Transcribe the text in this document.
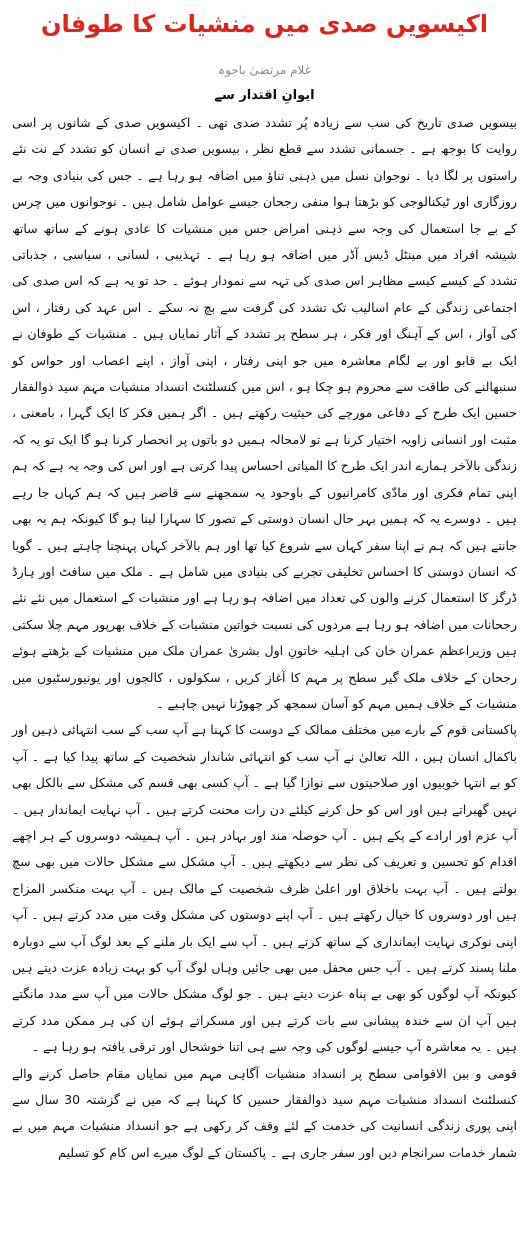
اکیسویں صدی میں منشیات کا طوفان
غلام مرتضیٰ باجوہ
ایوانِ اقتدار سے

بیسویں صدی تاریخ کی سب سے زیادہ پُر تشدد صدی تھی ۔ اکیسویں صدی کے شانوں پر اسی روایت کا بوجھ ہے ۔ جسمانی تشدد سے قطع نظر ، بیسویں صدی نے انسان کو تشدد کے نت نئے راستوں پر لگا دیا ۔ نوجوان نسل میں ذہنی تناؤ میں اضافہ ہو رہا ہے ۔ جس کی بنیادی وجہ بے روزگاری اور ٹیکنالوجی کو بڑھتا ہوا منفی رجحان جیسے عوامل شامل ہیں ۔ نوجوانوں میں چرس کے بے جا استعمال کی وجہ سے ذہنی امراض جس میں منشیات کا عادی ہونے کے ساتھ ساتھ شیشہ افراد میں مینٹل ڈیس آڈر میں اضافہ ہو رہا ہے ۔ تہذیبی ، لسانی ، سیاسی ، جذباتی تشدد کے کیسے کیسے مظاہر اس صدی کی تہہ سے نمودار ہوئے ۔ حد تو یہ ہے کہ اس صدی کی اجتماعی زندگی کے عام اسالیب تک تشدد کی گرفت سے بچ نہ سکے ۔ اس عہد کی رفتار ، اس کی آواز ، اس کے آہنگ اور فکر ، ہر سطح پر تشدد کے آثار نمایاں ہیں ۔ منشیات کے طوفان نے ایک بے قابو اور بے لگام معاشرہ میں جو اپنی رفتار ، اپنی آواز ، اپنے اعصاب اور حواس کو سنبھالنے کی طاقت سے محروم ہو چکا ہو ، اس میں کنسلٹنٹ انسداد منشیات مہم سید ذوالفقار حسین ایک طرح کے دفاعی مورچے کی حیثیت رکھتے ہیں ۔ اگر ہمیں فکر کا ایک گہرا ، بامعنی ، مثبت اور انسانی زاویہ اختیار کرنا ہے تو لامحالہ ہمیں دو باتوں پر انحصار کرنا ہو گا ایک تو یہ کہ زندگی بالآخر ہمارے اندر ایک طرح کا المیاتی احساس پیدا کرتی ہے اور اس کی وجہ یہ ہے کہ ہم اپنی تمام فکری اور مادّی کامرانیوں کے باوجود یہ سمجھنے سے قاصر ہیں کہ ہم کہاں جا رہے ہیں ۔ دوسرے یہ کہ ہمیں بہر حال انسان دوستی کے تصور کا سہارا لینا ہو گا کیونکہ ہم یہ بھی جانتے ہیں کہ ہم نے اپنا سفر کہاں سے شروع کیا تھا اور ہم بالآخر کہاں پہنچنا چاہتے ہیں ۔ گویا کہ انسان دوستی کا احساس تخلیقی تجربے کی بنیادی میں شامل ہے ۔ ملک میں سافٹ اور ہارڈ ڈرگز کا استعمال کرنے والوں کی تعداد میں اضافہ ہو رہا ہے اور منشیات کے استعمال میں نئے نئے رجحانات میں اضافہ ہو رہا ہے مردوں کی نسبت خواتین منشیات کے خلاف بھرپور مہم چلا سکتی ہیں وزیراعظم عمران خان کی اہلیہ خاتونِ اول بشریٰ عمران ملک میں منشیات کے بڑھتے ہوئے رجحان کے خلاف ملک گیر سطح پر مہم کا آغاز کریں ، سکولوں ، کالجوں اور یونیورسٹیوں میں منشیات کے خلاف ہمیں مہم کو آسان سمجھ کر چھوڑنا نہیں چاہیے ۔

پاکستانی قوم کے بارے میں مختلف ممالک کے دوست کا کہنا ہے آپ سب کے سب انتہائی ذہین اور باکمال انسان ہیں ، اللہ تعالیٰ نے آپ سب کو انتہائی شاندار شخصیت کے ساتھ پیدا کیا ہے ۔ آپ کو بے انتہا خوبیوں اور صلاحیتوں سے نوازا گیا ہے ۔ آپ کسی بھی قسم کی مشکل سے بالکل بھی نہیں گھبراتے ہیں اور اس کو حل کرنے کیلئے دن رات محنت کرتے ہیں ۔ آپ نہایت ایماندار ہیں ۔ آپ عزم اور ارادے کے پکے ہیں ۔ آپ حوصلہ مند اور بہادر ہیں ۔ آپ ہمیشہ دوسروں کے ہر اچھے اقدام کو تحسین و تعریف کی نظر سے دیکھتے ہیں ۔ آپ مشکل سے مشکل حالات میں بھی سچ بولتے ہیں ۔ آپ بہت باخلاق اور اعلیٰ ظرف شخصیت کے مالک ہیں ۔ آپ بہت منکسر المزاج ہیں اور دوسروں کا خیال رکھتے ہیں ۔ آپ اپنے دوستوں کی مشکل وقت میں مدد کرتے ہیں ۔ آپ اپنی نوکری نہایت ایمانداری کے ساتھ کرتے ہیں ۔ آپ سے ایک بار ملنے کے بعد لوگ آپ سے دوبارہ ملنا پسند کرتے ہیں ۔ آپ جس محفل میں بھی جائیں وہاں لوگ آپ کو بہت زیادہ عزت دیتے ہیں کیونکہ آپ لوگوں کو بھی بے پناہ عزت دیتے ہیں ۔ جو لوگ مشکل حالات میں آپ سے مدد مانگتے ہیں آپ ان سے خندہ پیشانی سے بات کرتے ہیں اور مسکراتے ہوئے ان کی ہر ممکن مدد کرتے ہیں ۔ یہ معاشرہ آپ جیسے لوگوں کی وجہ سے ہی اتنا خوشحال اور ترقی یافتہ ہو رہا ہے ۔

قومی و بین الاقوامی سطح پر انسداد منشیات آگاہی مہم میں نمایاں مقام حاصل کرنے والے کنسلٹنٹ انسداد منشیات مہم سید ذوالفقار حسین کا کہنا ہے کہ میں نے گزشتہ 30 سال سے اپنی پوری زندگی انسانیت کی خدمت کے لئے وقف کر رکھی ہے جو انسداد منشیات مہم میں بے شمار خدمات سرانجام دیں اور سفر جاری ہے ۔ پاکستان کے لوگ میرے اس کام کو تسلیم
